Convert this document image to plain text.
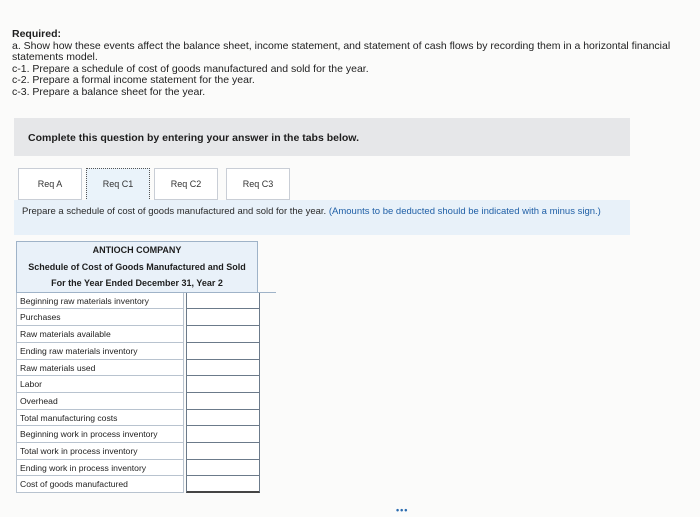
Required:

a. Show how these events affect the balance sheet, income statement, and statement of cash flows by recording them in a horizontal financial statements model.

c-1. Prepare a schedule of cost of goods manufactured and sold for the year.

c-2. Prepare a formal income statement for the year.

c-3. Prepare a balance sheet for the year.

Complete this question by entering your answer in the tabs below.
Req A	Req C1	Req C2	Req C3
Prepare a schedule of cost of goods manufactured and sold for the year. (Amounts to be deducted should be indicated with a minus sign.)
ANTIOCH COMPANY
Schedule of Cost of Goods Manufactured and Sold
For the Year Ended December 31, Year 2
Beginning raw materials inventory
Purchases
Raw materials available
Ending raw materials inventory
Raw materials used
Labor
Overhead
Total manufacturing costs
Beginning work in process inventory
Total work in process inventory
Ending work in process inventory
Cost of goods manufactured
•••
